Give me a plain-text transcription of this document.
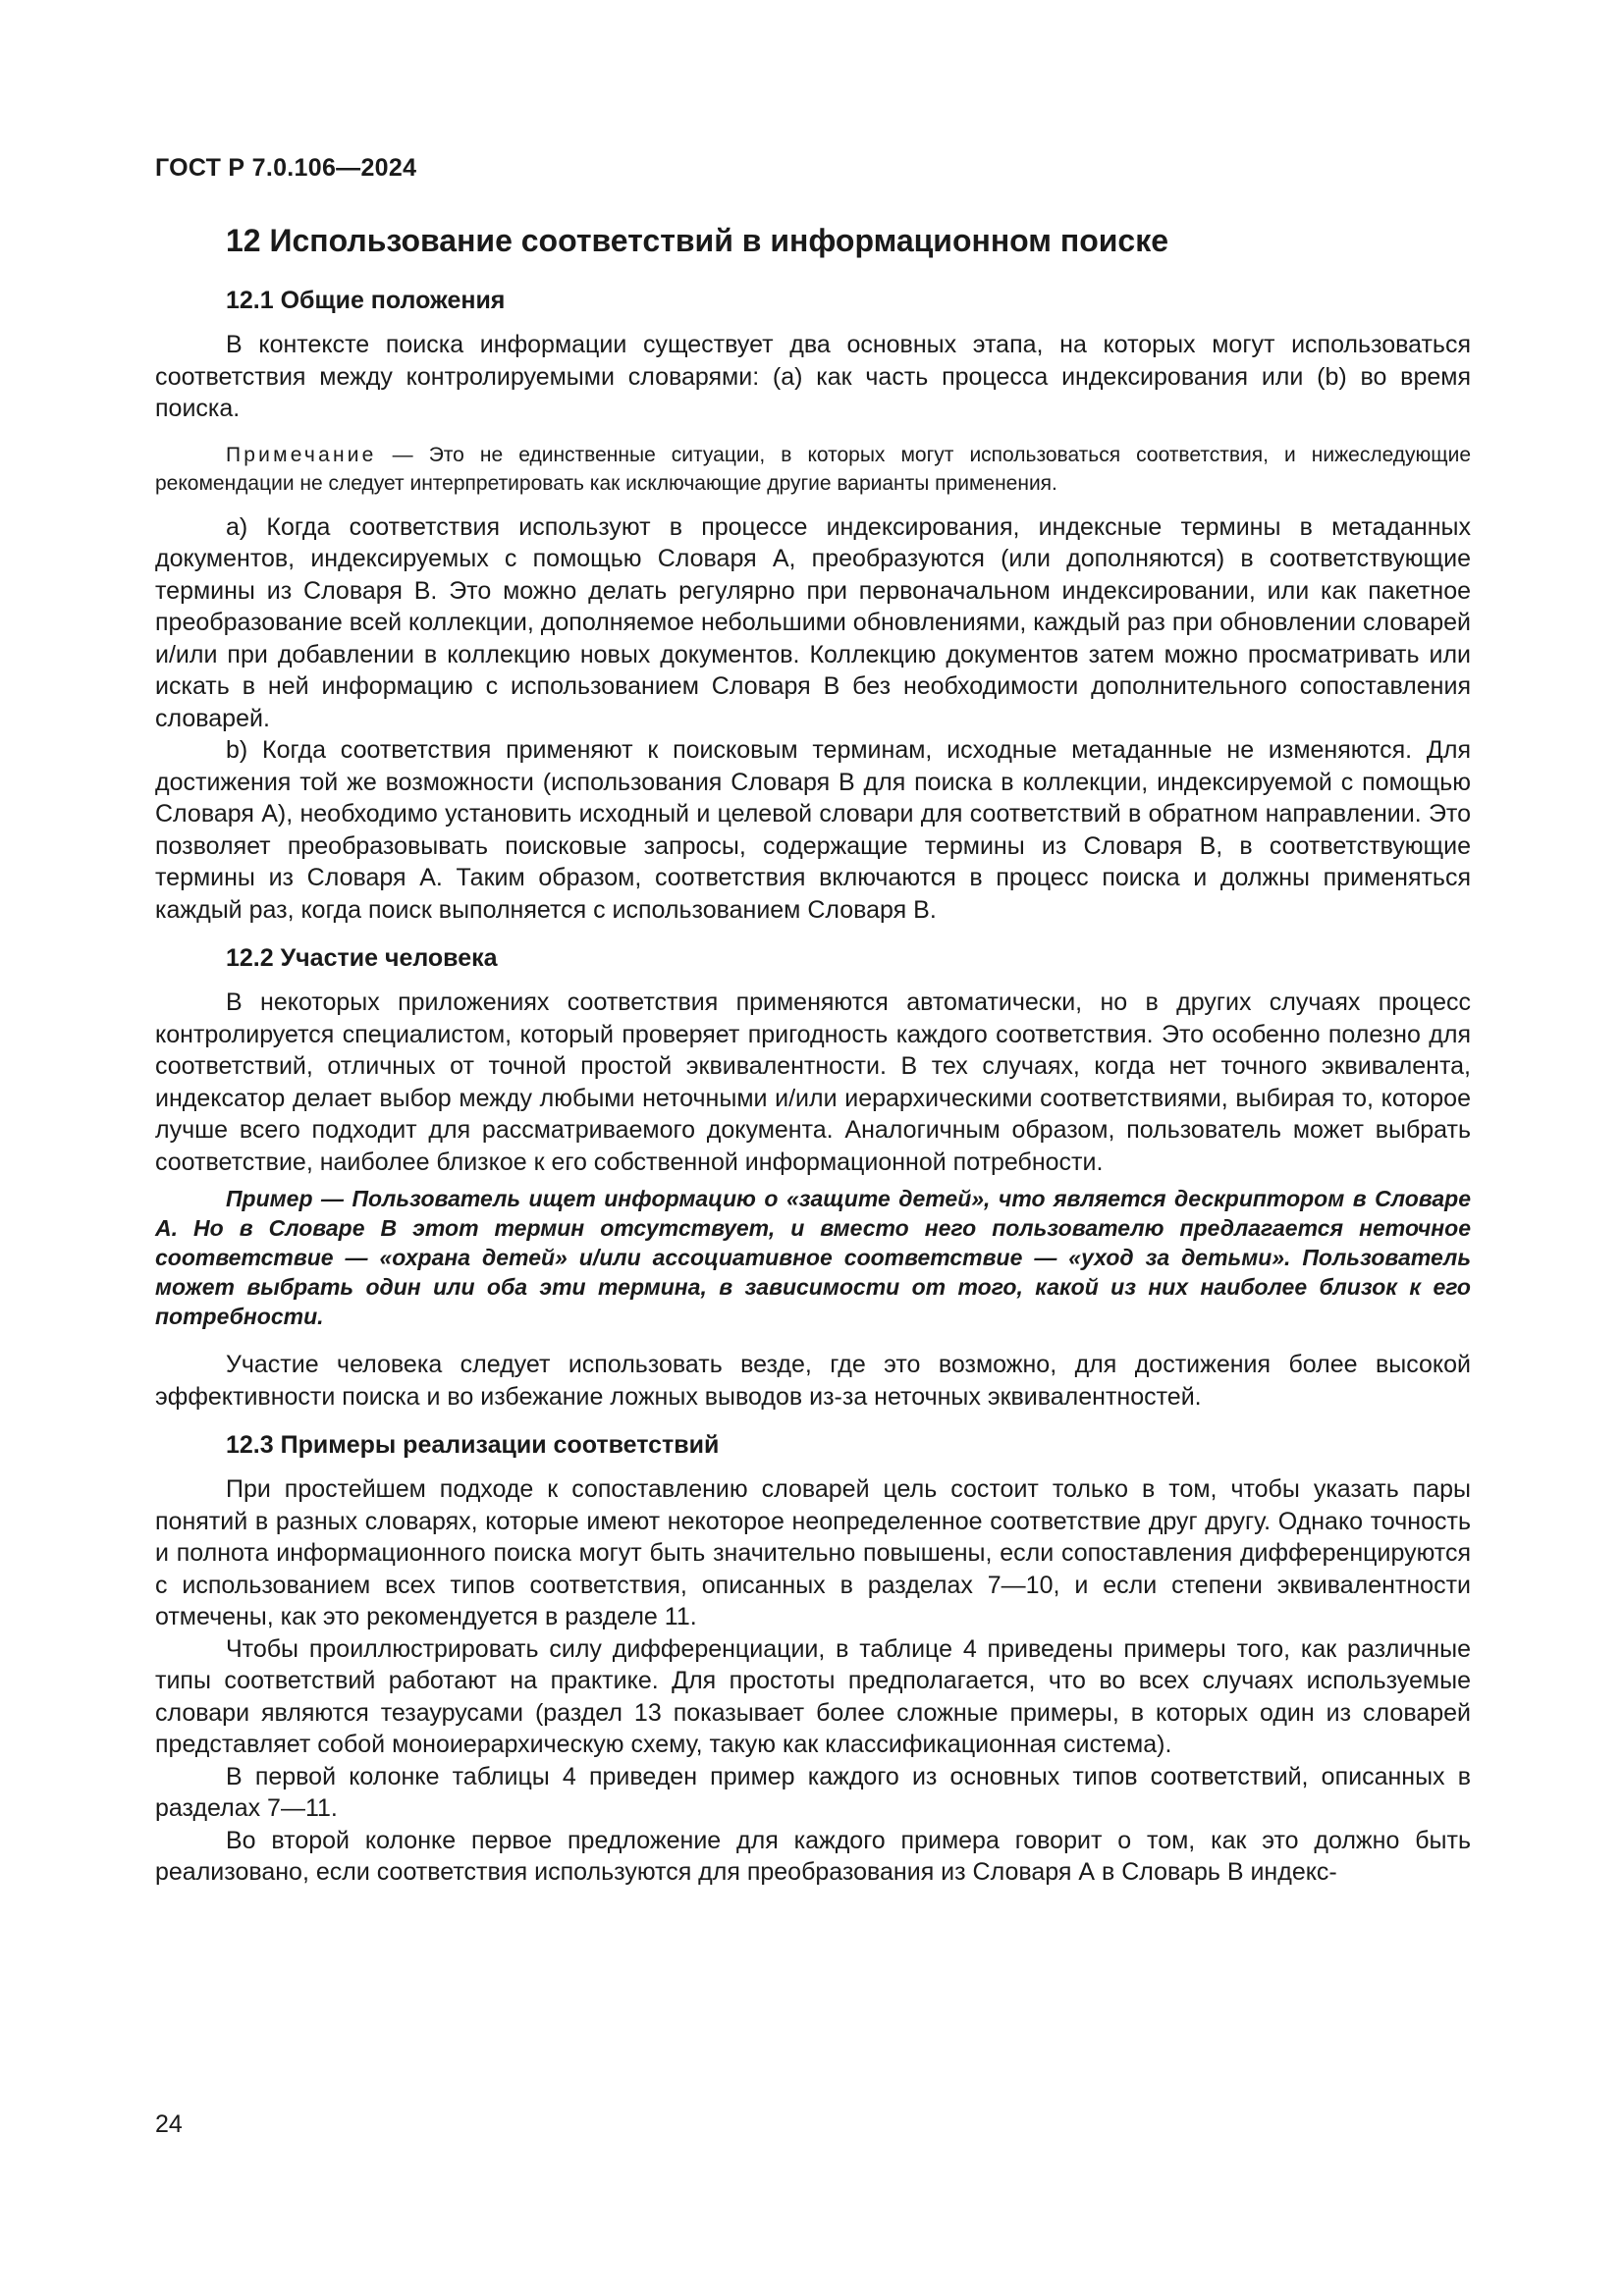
ГОСТ Р 7.0.106—2024
12 Использование соответствий в информационном поиске
12.1 Общие положения

В контексте поиска информации существует два основных этапа, на которых могут использоваться соответствия между контролируемыми словарями: (a) как часть процесса индексирования или (b) во время поиска.

Примечание — Это не единственные ситуации, в которых могут использоваться соответствия, и нижеследующие рекомендации не следует интерпретировать как исключающие другие варианты применения.

a) Когда соответствия используют в процессе индексирования, индексные термины в метаданных документов, индексируемых с помощью Словаря А, преобразуются (или дополняются) в соответствующие термины из Словаря В. Это можно делать регулярно при первоначальном индексировании, или как пакетное преобразование всей коллекции, дополняемое небольшими обновлениями, каждый раз при обновлении словарей и/или при добавлении в коллекцию новых документов. Коллекцию документов затем можно просматривать или искать в ней информацию с использованием Словаря В без необходимости дополнительного сопоставления словарей.

b) Когда соответствия применяют к поисковым терминам, исходные метаданные не изменяются. Для достижения той же возможности (использования Словаря В для поиска в коллекции, индексируемой с помощью Словаря А), необходимо установить исходный и целевой словари для соответствий в обратном направлении. Это позволяет преобразовывать поисковые запросы, содержащие термины из Словаря В, в соответствующие термины из Словаря А. Таким образом, соответствия включаются в процесс поиска и должны применяться каждый раз, когда поиск выполняется с использованием Словаря В.

12.2 Участие человека

В некоторых приложениях соответствия применяются автоматически, но в других случаях процесс контролируется специалистом, который проверяет пригодность каждого соответствия. Это особенно полезно для соответствий, отличных от точной простой эквивалентности. В тех случаях, когда нет точного эквивалента, индексатор делает выбор между любыми неточными и/или иерархическими соответствиями, выбирая то, которое лучше всего подходит для рассматриваемого документа. Аналогичным образом, пользователь может выбрать соответствие, наиболее близкое к его собственной информационной потребности.

Пример — Пользователь ищет информацию о «защите детей», что является дескриптором в Словаре А. Но в Словаре В этот термин отсутствует, и вместо него пользователю предлагается неточное соответствие — «охрана детей» и/или ассоциативное соответствие — «уход за детьми». Пользователь может выбрать один или оба эти термина, в зависимости от того, какой из них наиболее близок к его потребности.

Участие человека следует использовать везде, где это возможно, для достижения более высокой эффективности поиска и во избежание ложных выводов из-за неточных эквивалентностей.

12.3 Примеры реализации соответствий

При простейшем подходе к сопоставлению словарей цель состоит только в том, чтобы указать пары понятий в разных словарях, которые имеют некоторое неопределенное соответствие друг другу. Однако точность и полнота информационного поиска могут быть значительно повышены, если сопоставления дифференцируются с использованием всех типов соответствия, описанных в разделах 7—10, и если степени эквивалентности отмечены, как это рекомендуется в разделе 11.

Чтобы проиллюстрировать силу дифференциации, в таблице 4 приведены примеры того, как различные типы соответствий работают на практике. Для простоты предполагается, что во всех случаях используемые словари являются тезаурусами (раздел 13 показывает более сложные примеры, в которых один из словарей представляет собой моноиерархическую схему, такую как классификационная система).

В первой колонке таблицы 4 приведен пример каждого из основных типов соответствий, описанных в разделах 7—11.

Во второй колонке первое предложение для каждого примера говорит о том, как это должно быть реализовано, если соответствия используются для преобразования из Словаря А в Словарь В индекс-

24
